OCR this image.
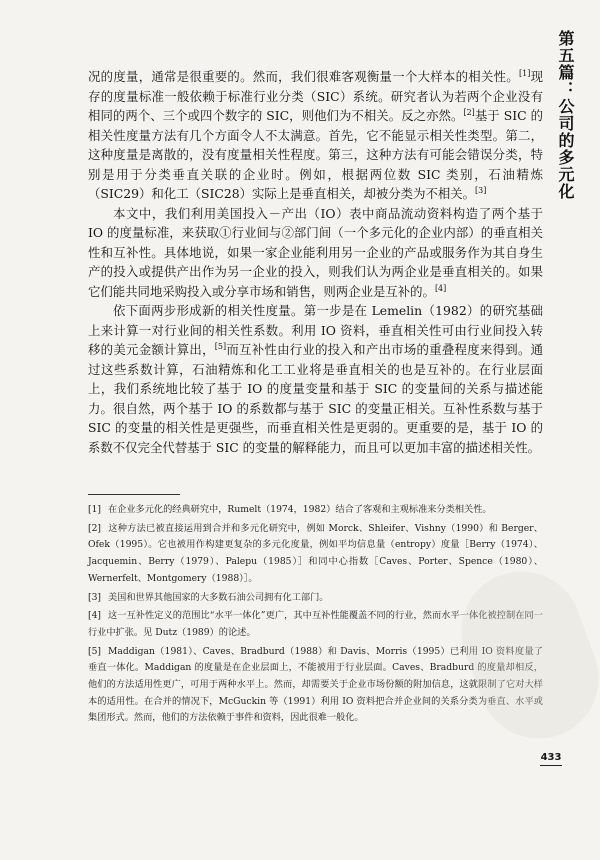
第五篇：公司的多元化

况的度量，通常是很重要的。然而，我们很难客观衡量一个大样本的相关性。[1]现存的度量标准一般依赖于标准行业分类（SIC）系统。研究者认为若两个企业没有相同的两个、三个或四个数字的 SIC，则他们为不相关。反之亦然。[2]基于 SIC 的相关性度量方法有几个方面令人不太满意。首先，它不能显示相关性类型。第二，这种度量是离散的，没有度量相关性程度。第三，这种方法有可能会错误分类，特别是用于分类垂直关联的企业时。例如，根据两位数 SIC 类别，石油精炼（SIC29）和化工（SIC28）实际上是垂直相关，却被分类为不相关。[3]

本文中，我们利用美国投入－产出（IO）表中商品流动资料构造了两个基于 IO 的度量标准，来获取①行业间与②部门间（一个多元化的企业内部）的垂直相关性和互补性。具体地说，如果一家企业能利用另一企业的产品或服务作为其自身生产的投入或提供产出作为另一企业的投入，则我们认为两企业是垂直相关的。如果它们能共同地采购投入或分享市场和销售，则两企业是互补的。[4]

依下面两步形成新的相关性度量。第一步是在 Lemelin（1982）的研究基础上来计算一对行业间的相关性系数。利用 IO 资料，垂直相关性可由行业间投入转移的美元金额计算出，[5]而互补性由行业的投入和产出市场的重叠程度来得到。通过这些系数计算，石油精炼和化工工业将是垂直相关的也是互补的。在行业层面上，我们系统地比较了基于 IO 的度量变量和基于 SIC 的变量间的关系与描述能力。很自然，两个基于 IO 的系数都与基于 SIC 的变量正相关。互补性系数与基于 SIC 的变量的相关性是更强些，而垂直相关性是更弱的。更重要的是，基于 IO 的系数不仅完全代替基于 SIC 的变量的解释能力，而且可以更加丰富的描述相关性。

[1] 在企业多元化的经典研究中，Rumelt（1974，1982）结合了客观和主观标准来分类相关性。

[2] 这种方法已被直接运用到合并和多元化研究中，例如 Morck、Shleifer、Vishny（1990）和 Berger、Ofek（1995）。它也被用作构建更复杂的多元化度量，例如平均信息量（entropy）度量［Berry（1974）、Jacquemin、Berry（1979）、Palepu（1985）］和同中心指数［Caves、Porter、Spence（1980）、Wernerfelt、Montgomery（1988）］。

[3] 美国和世界其他国家的大多数石油公司拥有化工部门。

[4] 这一互补性定义的范围比“水平一体化”更广，其中互补性能覆盖不同的行业，然而水平一体化被控制在同一行业中扩张。见 Dutz（1989）的论述。

[5] Maddigan（1981）、Caves、Bradburd（1988）和 Davis、Morris（1995）已利用 IO 资料度量了垂直一体化。Maddigan 的度量是在企业层面上，不能被用于行业层面。Caves、Bradburd 的度量却相反，他们的方法适用性更广，可用于两种水平上。然而，却需要关于企业市场份额的附加信息，这就限制了它对大样本的适用性。在合并的情况下，McGuckin 等（1991）利用 IO 资料把合并企业间的关系分类为垂直、水平或集团形式。然而，他们的方法依赖于事件和资料，因此很难一般化。

433
